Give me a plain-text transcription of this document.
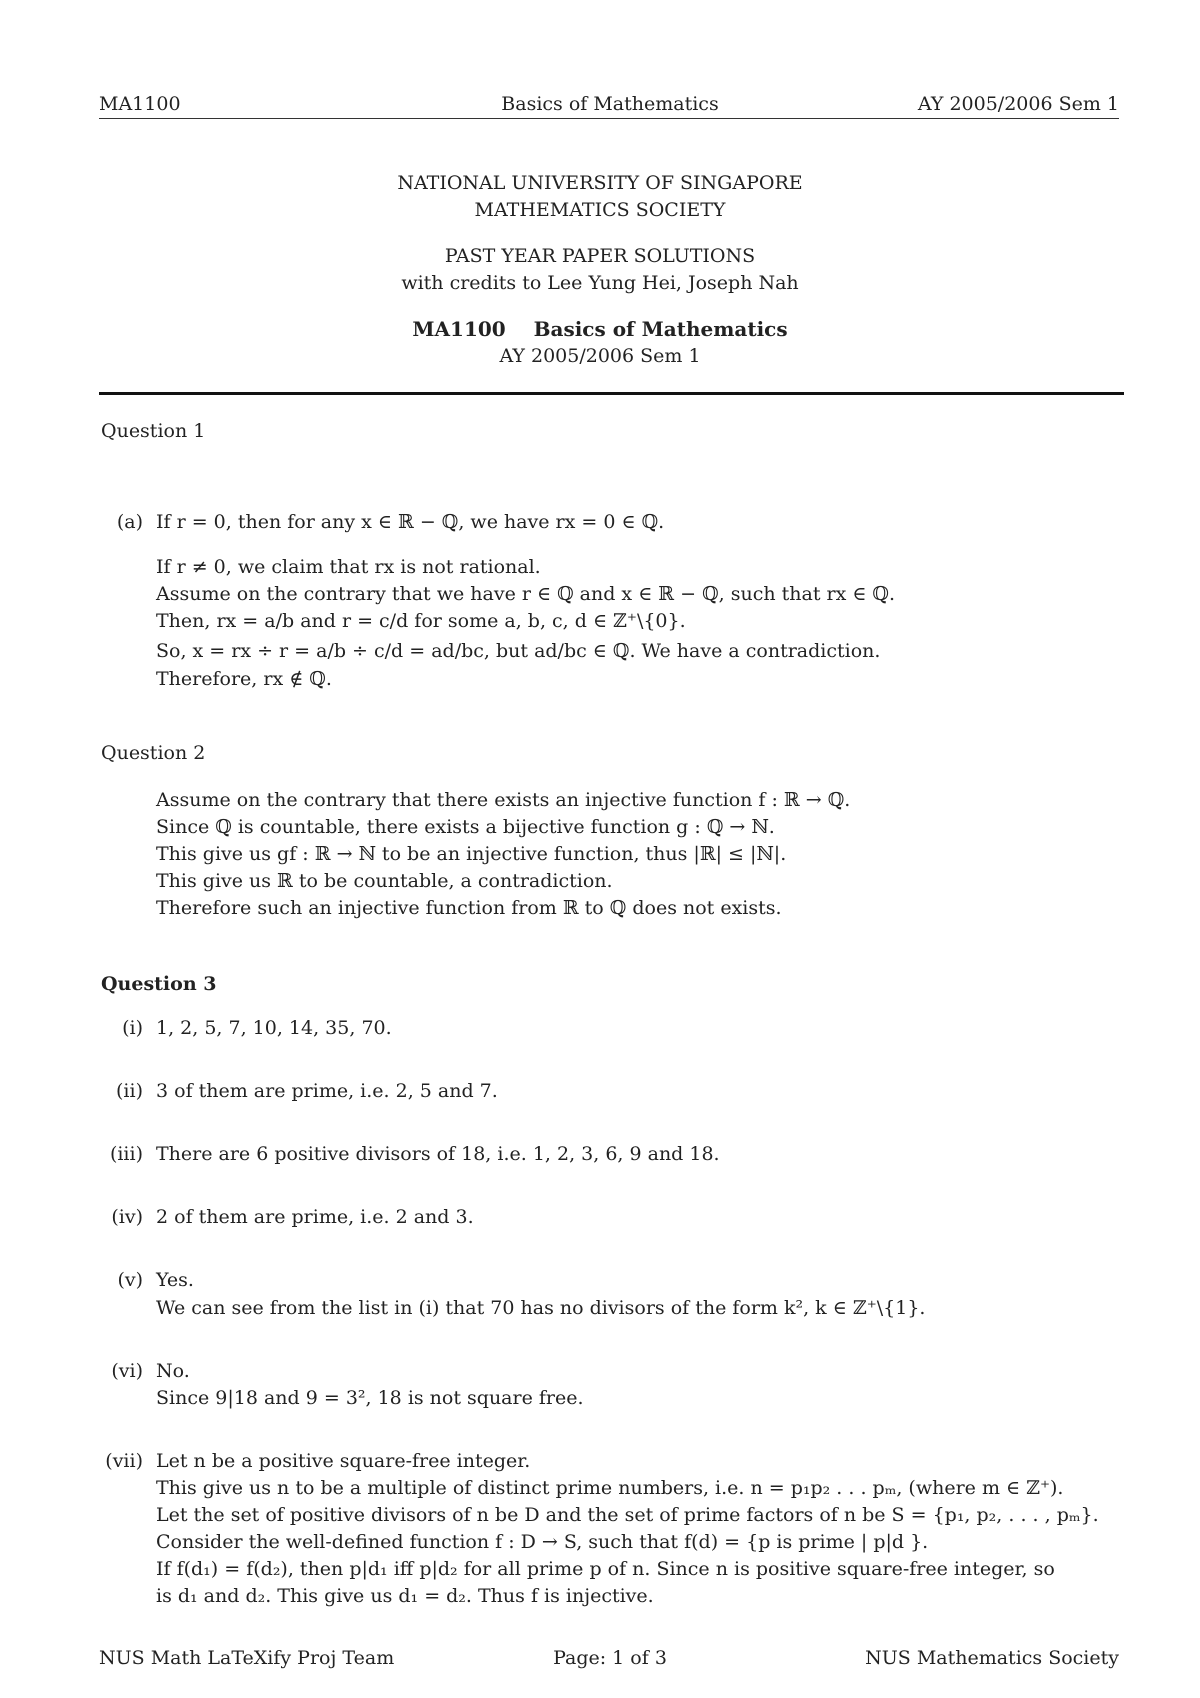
MA1100	Basics of Mathematics	AY 2005/2006 Sem 1
NATIONAL UNIVERSITY OF SINGAPORE
MATHEMATICS SOCIETY
PAST YEAR PAPER SOLUTIONS
with credits to Lee Yung Hei, Joseph Nah
MA1100 Basics of Mathematics
AY 2005/2006 Sem 1
Question 1
(a) If r = 0, then for any x ∈ ℝ − ℚ, we have rx = 0 ∈ ℚ.
If r ≠ 0, we claim that rx is not rational.
Assume on the contrary that we have r ∈ ℚ and x ∈ ℝ − ℚ, such that rx ∈ ℚ.
Then, rx = a/b and r = c/d for some a, b, c, d ∈ ℤ⁺\{0}.
So, x = rx ÷ r = a/b ÷ c/d = ad/bc, but ad/bc ∈ ℚ. We have a contradiction.
Therefore, rx ∉ ℚ.
Question 2
Assume on the contrary that there exists an injective function f : ℝ → ℚ.
Since ℚ is countable, there exists a bijective function g : ℚ → ℕ.
This give us gf : ℝ → ℕ to be an injective function, thus |ℝ| ≤ |ℕ|.
This give us ℝ to be countable, a contradiction.
Therefore such an injective function from ℝ to ℚ does not exists.
Question 3
(i) 1, 2, 5, 7, 10, 14, 35, 70.
(ii) 3 of them are prime, i.e. 2, 5 and 7.
(iii) There are 6 positive divisors of 18, i.e. 1, 2, 3, 6, 9 and 18.
(iv) 2 of them are prime, i.e. 2 and 3.
(v) Yes.
We can see from the list in (i) that 70 has no divisors of the form k², k ∈ ℤ⁺\{1}.
(vi) No.
Since 9|18 and 9 = 3², 18 is not square free.
(vii) Let n be a positive square-free integer.
This give us n to be a multiple of distinct prime numbers, i.e. n = p₁p₂ . . . pₘ, (where m ∈ ℤ⁺).
Let the set of positive divisors of n be D and the set of prime factors of n be S = {p₁, p₂, . . . , pₘ}.
Consider the well-defined function f : D → S, such that f(d) = {p is prime | p|d }.
If f(d₁) = f(d₂), then p|d₁ iff p|d₂ for all prime p of n. Since n is positive square-free integer, so
is d₁ and d₂. This give us d₁ = d₂. Thus f is injective.
NUS Math LaTeXify Proj Team	Page: 1 of 3	NUS Mathematics Society
